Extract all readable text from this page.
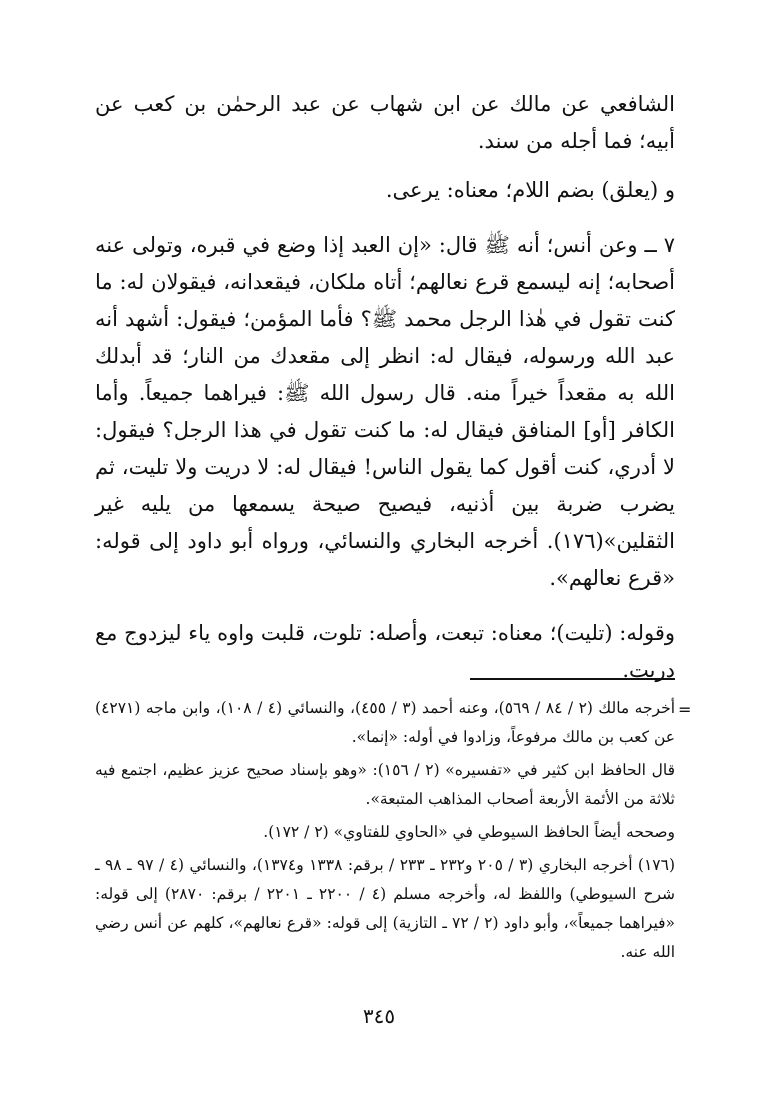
الشافعي عن مالك عن ابن شهاب عن عبد الرحمٰن بن كعب عن أبيه؛ فما أجله من سند.

و (يعلق) بضم اللام؛ معناه: يرعى.

٧ ــ وعن أنس؛ أنه ﷺ قال: «إن العبد إذا وضع في قبره، وتولى عنه أصحابه؛ إنه ليسمع قرع نعالهم؛ أتاه ملكان، فيقعدانه، فيقولان له: ما كنت تقول في هٰذا الرجل محمد ﷺ؟ فأما المؤمن؛ فيقول: أشهد أنه عبد الله ورسوله، فيقال له: انظر إلى مقعدك من النار؛ قد أبدلك الله به مقعداً خيراً منه. قال رسول الله ﷺ: فيراهما جميعاً. وأما الكافر [أو] المنافق فيقال له: ما كنت تقول في هذا الرجل؟ فيقول: لا أدري، كنت أقول كما يقول الناس! فيقال له: لا دريت ولا تليت، ثم يضرب ضربة بين أذنيه، فيصيح صيحة يسمعها من يليه غير الثقلين»(١٧٦). أخرجه البخاري والنسائي، ورواه أبو داود إلى قوله: «قرع نعالهم».

وقوله: (تليت)؛ معناه: تبعت، وأصله: تلوت، قلبت واوه ياء ليزدوج مع دريت.

=

أخرجه مالك (٢ / ٨٤ / ٥٦٩)، وعنه أحمد (٣ / ٤٥٥)، والنسائي (٤ / ١٠٨)، وابن ماجه (٤٢٧١) عن كعب بن مالك مرفوعاً، وزادوا في أوله: «إنما».

قال الحافظ ابن كثير في «تفسيره» (٢ / ١٥٦): «وهو بإسناد صحيح عزيز عظيم، اجتمع فيه ثلاثة من الأئمة الأربعة أصحاب المذاهب المتبعة».

وصححه أيضاً الحافظ السيوطي في «الحاوي للفتاوي» (٢ / ١٧٢).

(١٧٦) أخرجه البخاري (٣ / ٢٠٥ و٢٣٢ ـ ٢٣٣ / برقم: ١٣٣٨ و١٣٧٤)، والنسائي (٤ / ٩٧ ـ ٩٨ ـ شرح السيوطي) واللفظ له، وأخرجه مسلم (٤ / ٢٢٠٠ ـ ٢٢٠١ / برقم: ٢٨٧٠) إلى قوله: «فيراهما جميعاً»، وأبو داود (٢ / ٧٢ ـ التازية) إلى قوله: «قرع نعالهم»، كلهم عن أنس رضي الله عنه.

٣٤٥
